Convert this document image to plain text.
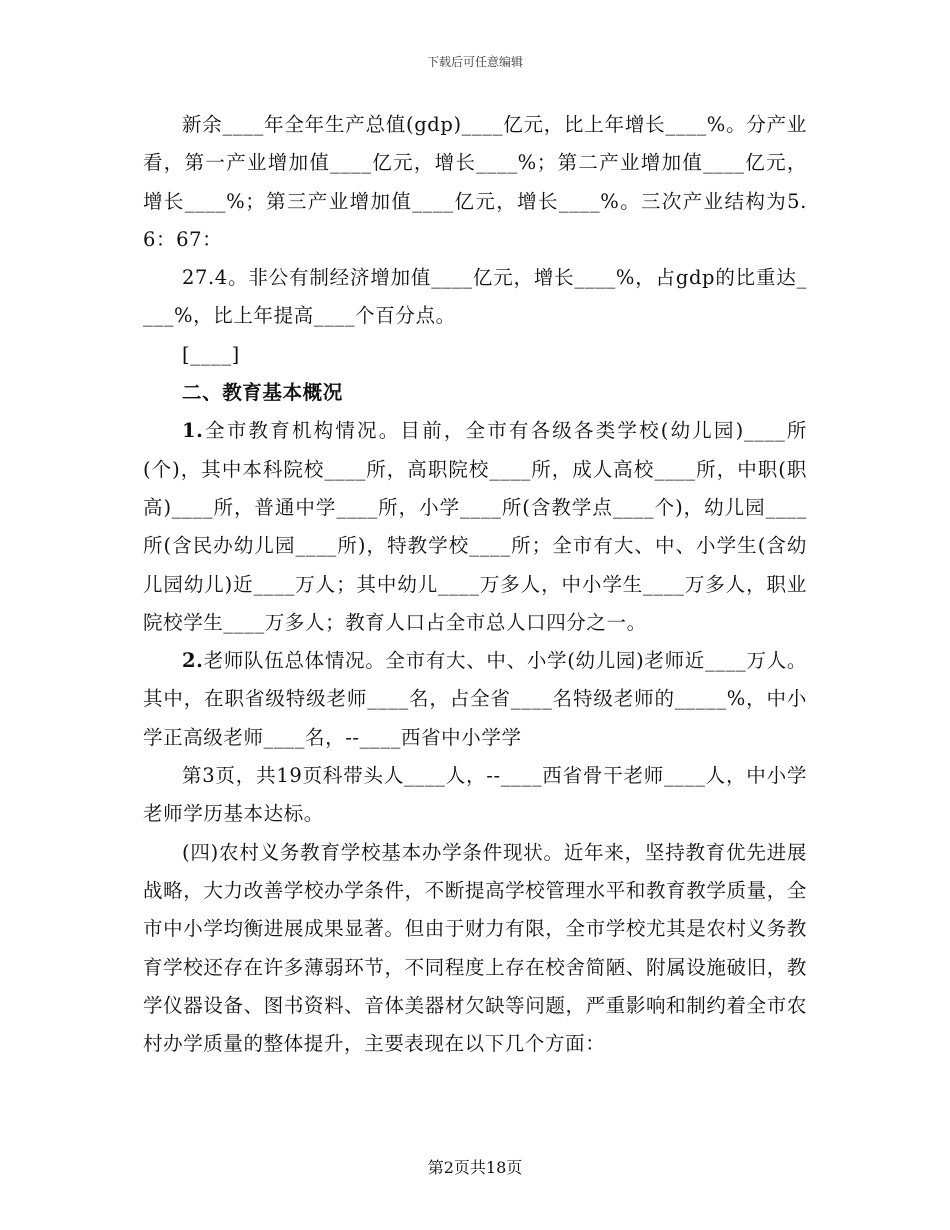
下载后可任意编辑

新余____年全年生产总值(gdp)____亿元，比上年增长____%。分产业看，第一产业增加值____亿元，增长____%；第二产业增加值____亿元，增长____%；第三产业增加值____亿元，增长____%。三次产业结构为5.6：67：

27.4。非公有制经济增加值____亿元，增长____%，占gdp的比重达____%，比上年提高____个百分点。

[____]

二、教育基本概况

1.全市教育机构情况。目前，全市有各级各类学校(幼儿园)____所(个)，其中本科院校____所，高职院校____所，成人高校____所，中职(职高)____所，普通中学____所，小学____所(含教学点____个)，幼儿园____所(含民办幼儿园____所)，特教学校____所；全市有大、中、小学生(含幼儿园幼儿)近____万人；其中幼儿____万多人，中小学生____万多人，职业院校学生____万多人；教育人口占全市总人口四分之一。

2.老师队伍总体情况。全市有大、中、小学(幼儿园)老师近____万人。其中，在职省级特级老师____名，占全省____名特级老师的_____%，中小学正高级老师____名，--____西省中小学学

第3页，共19页科带头人____人，--____西省骨干老师____人，中小学老师学历基本达标。

(四)农村义务教育学校基本办学条件现状。近年来，坚持教育优先进展战略，大力改善学校办学条件，不断提高学校管理水平和教育教学质量，全市中小学均衡进展成果显著。但由于财力有限，全市学校尤其是农村义务教育学校还存在许多薄弱环节，不同程度上存在校舍简陋、附属设施破旧，教学仪器设备、图书资料、音体美器材欠缺等问题，严重影响和制约着全市农村办学质量的整体提升，主要表现在以下几个方面：

第2页共18页
